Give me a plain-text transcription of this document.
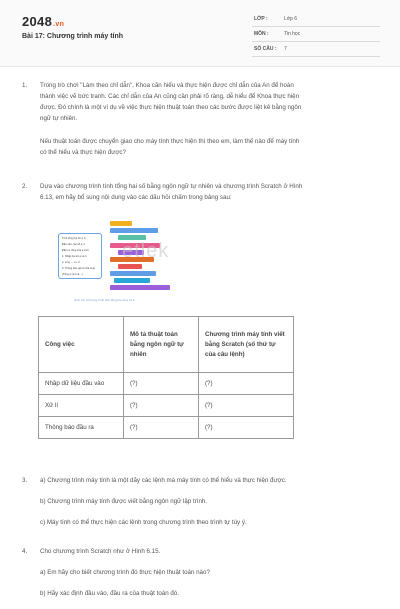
2048.vn
Bài 17: Chương trình máy tính
LỚP :	Lớp 6
MÔN :	Tin học
SỐ CÂU : 7
1. Trong trò chơi "Làm theo chỉ dẫn", Khoa căn hiểu và thực hiện được chỉ dẫn của An để hoàn
thành việc vẽ bức tranh. Các chỉ dẫn của An cũng cần phải rõ ràng, dễ hiểu để Khoa thực hiện
được. Đó chính là một ví dụ về việc thực hiện thuật toán theo các bước được liệt kê bằng ngôn
ngữ tự nhiên.
Nếu thuật toán được chuyển giao cho máy tính thực hiện thì theo em, làm thế nào để máy tính
có thể hiểu và thực hiện được?
2. Dựa vào chương trình tính tổng hai số bằng ngôn ngữ tự nhiên và chương trình Scratch ở Hình
6.13, em hãy bổ sung nội dung vào các dấu hỏi chấm trong bảng sau:
Tính tổng hai số a, b
Đầu vào: hai số a, b
Đầu ra: tổng của a và b
1. Nhập hai số a và b
2. tong ← a + b
3. Thông báo giá trị của tong
(Tổng a và b là ...)
Hình 13. Chương trình tính tổng hai số a và b
etlek
Công việc	Mô tả thuật toán bằng ngôn ngữ tự nhiên	Chương trình máy tính viết bằng Scratch (số thứ tự của câu lệnh)
Nhập dữ liệu đầu vào	(?)	(?)
Xử lí	(?)	(?)
Thông báo đầu ra	(?)	(?)
3. a) Chương trình máy tính là một dãy các lệnh mà máy tính có thể hiểu và thực hiện được.
b) Chương trình máy tính được viết bằng ngôn ngữ lập trình.
c) Máy tính có thể thực hiện các lệnh trong chương trình theo trình tự tùy ý.
4. Cho chương trình Scratch như ở Hình 6.15.
a) Em hãy cho biết chương trình đó thực hiện thuật toán nào?
b) Hãy xác định đầu vào, đầu ra của thuật toán đó.
